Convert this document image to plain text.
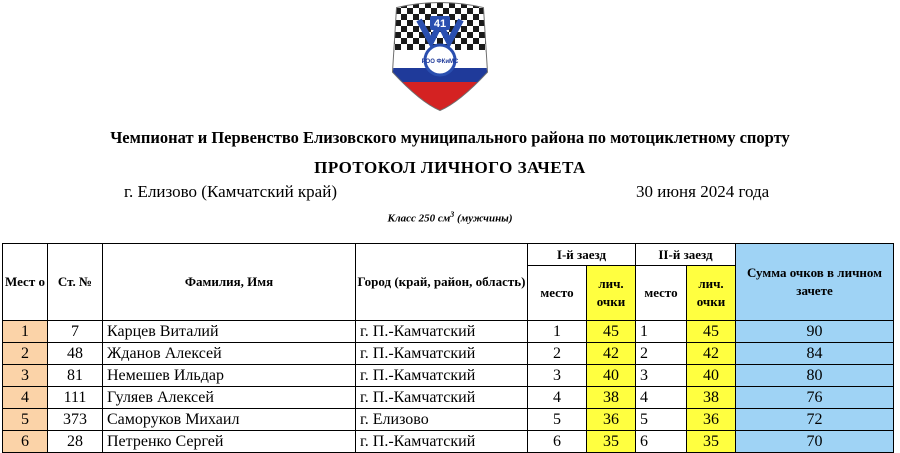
41
РОО ФКиМС
Чемпионат и Первенство Елизовского муниципального района по мотоциклетному спорту
ПРОТОКОЛ ЛИЧНОГО ЗАЧЕТА
г. Елизово (Камчатский край)	30 июня 2024 года
Класс 250 $см^3$ (мужчины)
Мест о	Ст. №	Фамилия, Имя	Город (край, район, область)	I-й заезд		II-й заезд		Сумма очков в личном зачете
				место	лич. очки	место	лич. очки	
1	7	Карцев Виталий	г. П.-Камчатский	1	45	1	45	90
2	48	Жданов Алексей	г. П.-Камчатский	2	42	2	42	84
3	81	Немешев Ильдар	г. П.-Камчатский	3	40	3	40	80
4	111	Гуляев Алексей	г. П.-Камчатский	4	38	4	38	76
5	373	Саморуков Михаил	г. Елизово	5	36	5	36	72
6	28	Петренко Сергей	г. П.-Камчатский	6	35	6	35	70
